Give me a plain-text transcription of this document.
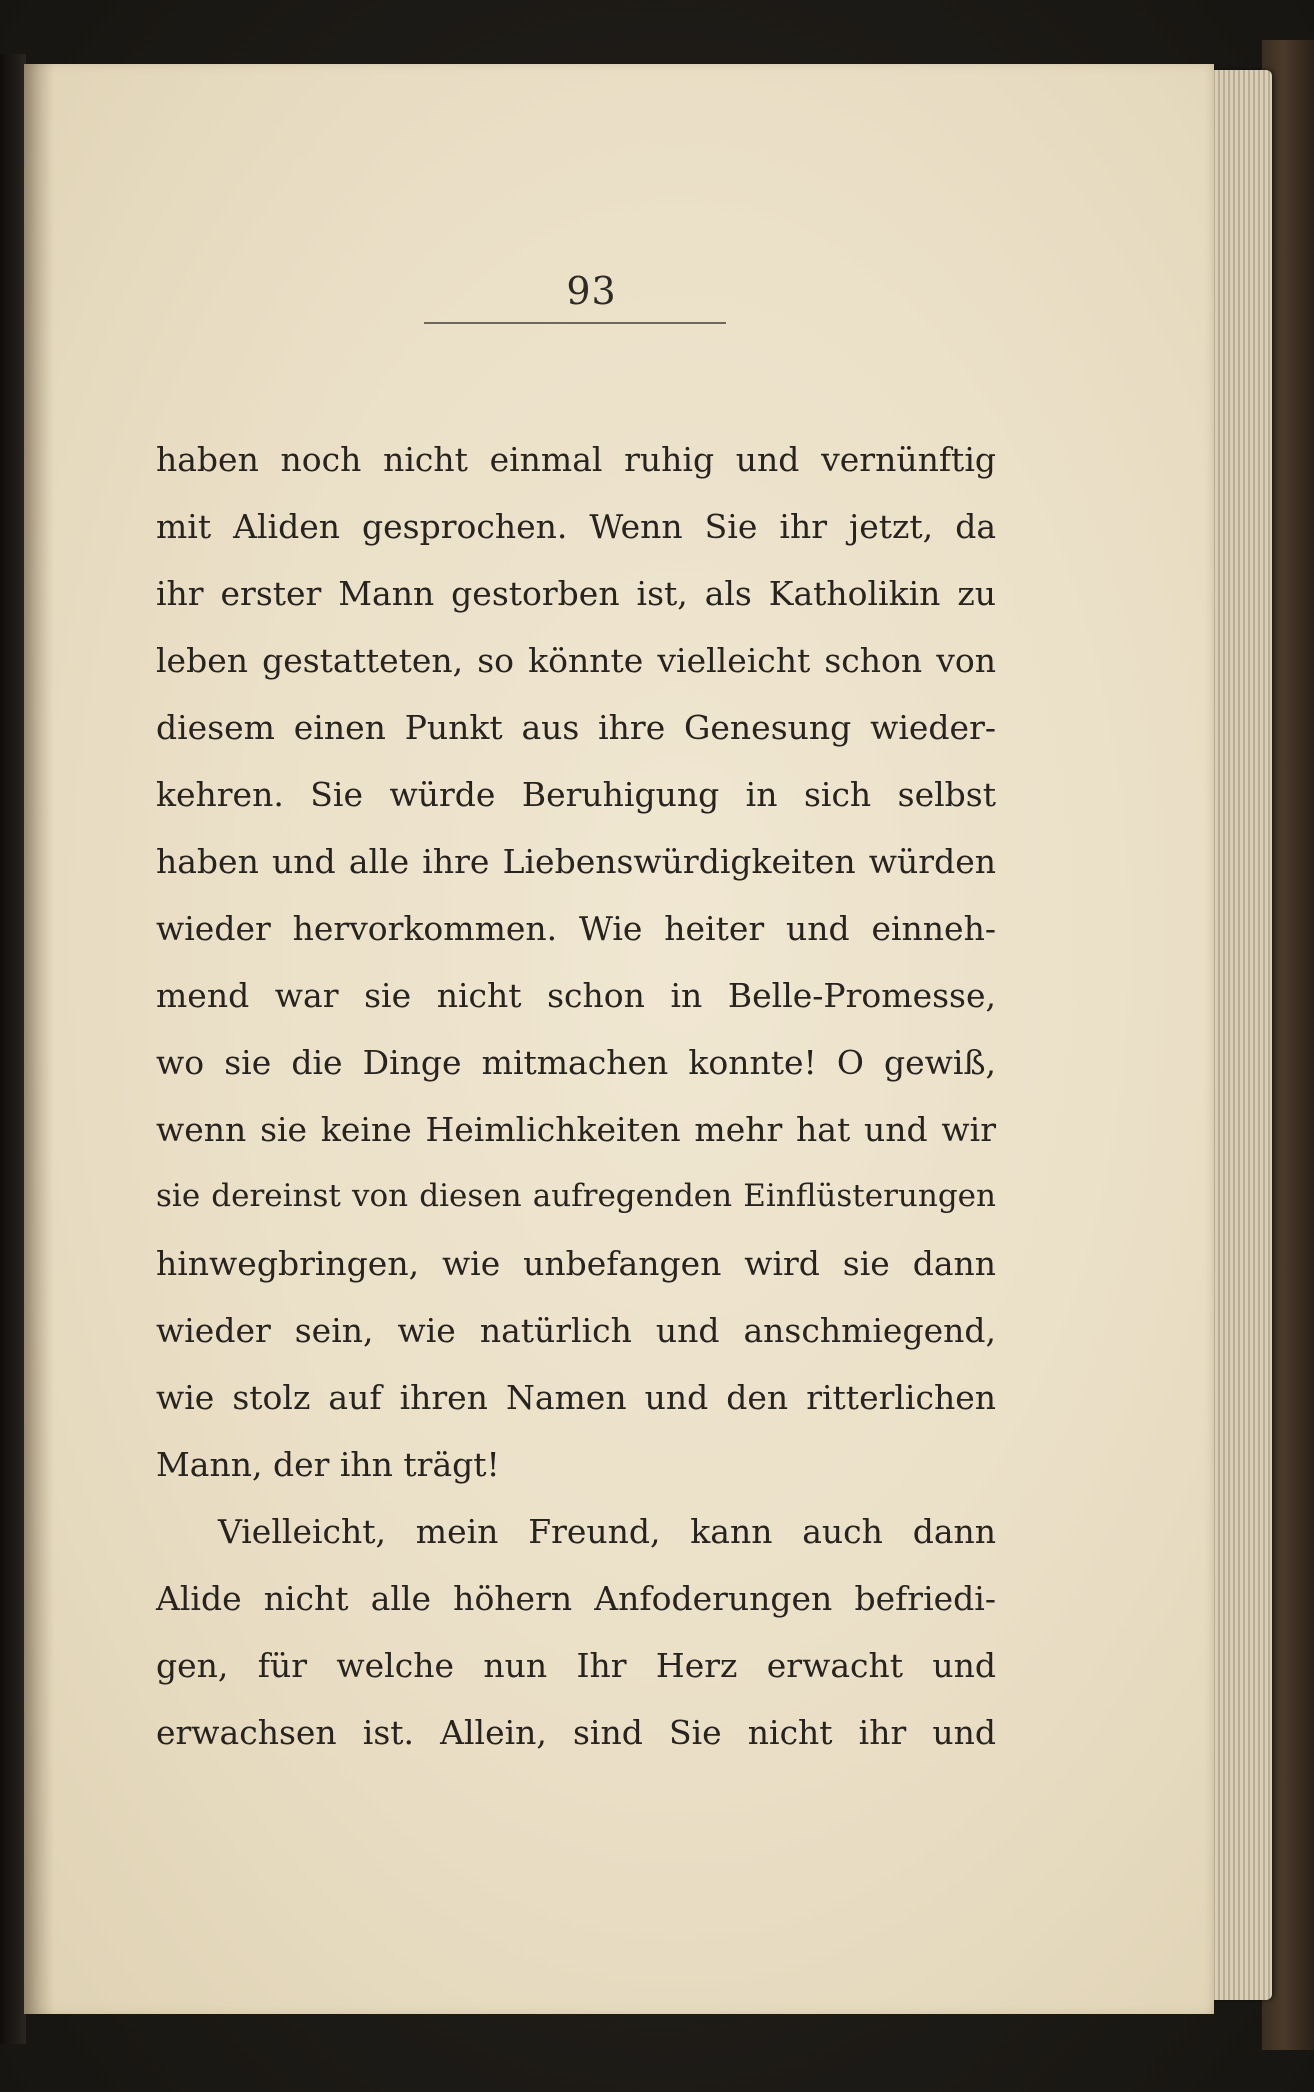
93
haben noch nicht einmal ruhig und vernünftig
mit Aliden gesprochen. Wenn Sie ihr jetzt, da
ihr erster Mann gestorben ist, als Katholikin zu
leben gestatteten, so könnte vielleicht schon von
diesem einen Punkt aus ihre Genesung wieder-
kehren. Sie würde Beruhigung in sich selbst
haben und alle ihre Liebenswürdigkeiten würden
wieder hervorkommen. Wie heiter und einneh-
mend war sie nicht schon in Belle-Promesse,
wo sie die Dinge mitmachen konnte! O gewiß,
wenn sie keine Heimlichkeiten mehr hat und wir
sie dereinst von diesen aufregenden Einflüsterungen
hinwegbringen, wie unbefangen wird sie dann
wieder sein, wie natürlich und anschmiegend,
wie stolz auf ihren Namen und den ritterlichen
Mann, der ihn trägt!
Vielleicht, mein Freund, kann auch dann
Alide nicht alle höhern Anfoderungen befriedi-
gen, für welche nun Ihr Herz erwacht und
erwachsen ist. Allein, sind Sie nicht ihr und
